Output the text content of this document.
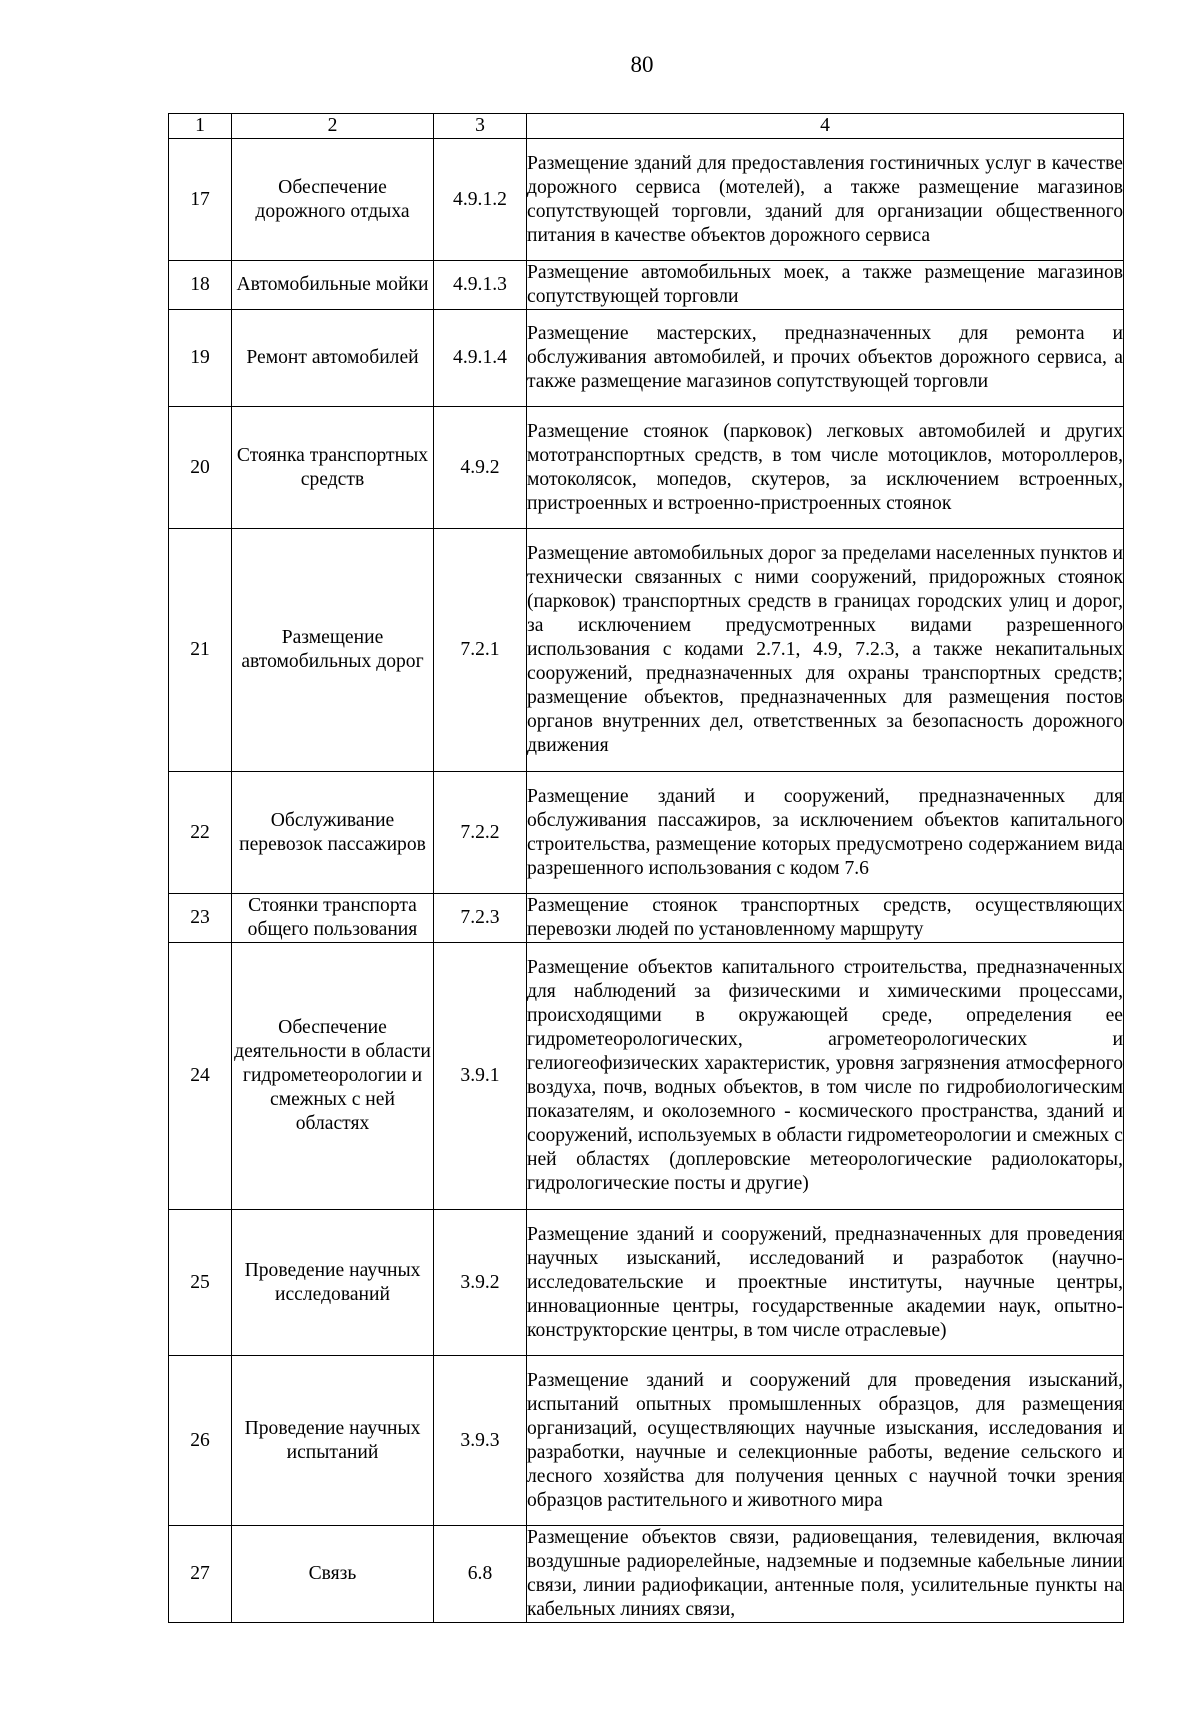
80
1	2	3	4
17	Обеспечение дорожного отдыха	4.9.1.2	Размещение зданий для предоставления гостиничных услуг в качестве дорожного сервиса (мотелей), а также размещение магазинов сопутствующей торговли, зданий для организации общественного питания в качестве объектов дорожного сервиса
18	Автомобильные мойки	4.9.1.3	Размещение автомобильных моек, а также размещение магазинов сопутствующей торговли
19	Ремонт автомобилей	4.9.1.4	Размещение мастерских, предназначенных для ремонта и обслуживания автомобилей, и прочих объектов дорожного сервиса, а также размещение магазинов сопутствующей торговли
20	Стоянка транспортных средств	4.9.2	Размещение стоянок (парковок) легковых автомобилей и других мототранспортных средств, в том числе мотоциклов, мотороллеров, мотоколясок, мопедов, скутеров, за исключением встроенных, пристроенных и встроенно-пристроенных стоянок
21	Размещение автомобильных дорог	7.2.1	Размещение автомобильных дорог за пределами населенных пунктов и технически связанных с ними сооружений, придорожных стоянок (парковок) транспортных средств в границах городских улиц и дорог, за исключением предусмотренных видами разрешенного использования с кодами 2.7.1, 4.9, 7.2.3, а также некапитальных сооружений, предназначенных для охраны транспортных средств; размещение объектов, предназначенных для размещения постов органов внутренних дел, ответственных за безопасность дорожного движения
22	Обслуживание перевозок пассажиров	7.2.2	Размещение зданий и сооружений, предназначенных для обслуживания пассажиров, за исключением объектов капитального строительства, размещение которых предусмотрено содержанием вида разрешенного использования с кодом 7.6
23	Стоянки транспорта общего пользования	7.2.3	Размещение стоянок транспортных средств, осуществляющих перевозки людей по установленному маршруту
24	Обеспечение деятельности в области гидрометеорологии и смежных с ней областях	3.9.1	Размещение объектов капитального строительства, предназначенных для наблюдений за физическими и химическими процессами, происходящими в окружающей среде, определения ее гидрометеорологических, агрометеорологических и гелиогеофизических характеристик, уровня загрязнения атмосферного воздуха, почв, водных объектов, в том числе по гидробиологическим показателям, и околоземного - космического пространства, зданий и сооружений, используемых в области гидрометеорологии и смежных с ней областях (доплеровские метеорологические радиолокаторы, гидрологические посты и другие)
25	Проведение научных исследований	3.9.2	Размещение зданий и сооружений, предназначенных для проведения научных изысканий, исследований и разработок (научно-исследовательские и проектные институты, научные центры, инновационные центры, государственные академии наук, опытно-конструкторские центры, в том числе отраслевые)
26	Проведение научных испытаний	3.9.3	Размещение зданий и сооружений для проведения изысканий, испытаний опытных промышленных образцов, для размещения организаций, осуществляющих научные изыскания, исследования и разработки, научные и селекционные работы, ведение сельского и лесного хозяйства для получения ценных с научной точки зрения образцов растительного и животного мира
27	Связь	6.8	Размещение объектов связи, радиовещания, телевидения, включая воздушные радиорелейные, надземные и подземные кабельные линии связи, линии радиофикации, антенные поля, усилительные пункты на кабельных линиях связи,
